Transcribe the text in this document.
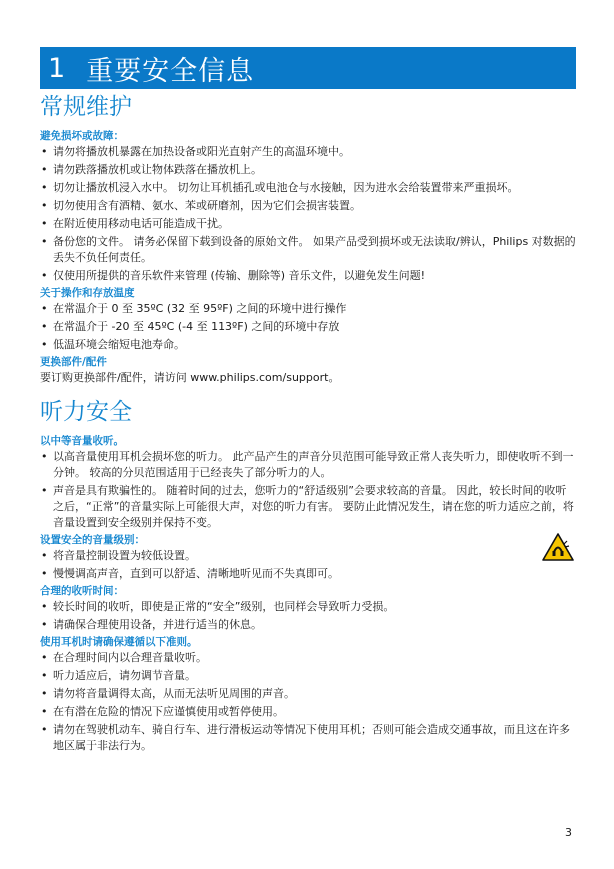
1 重要安全信息
常规维护
避免损坏或故障：
• 请勿将播放机暴露在加热设备或阳光直射产生的高温环境中。
• 请勿跌落播放机或让物体跌落在播放机上。
• 切勿让播放机浸入水中。 切勿让耳机插孔或电池仓与水接触，因为进水会给装置带来严重损坏。
• 切勿使用含有酒精、氨水、苯或研磨剂，因为它们会损害装置。
• 在附近使用移动电话可能造成干扰。
• 备份您的文件。 请务必保留下载到设备的原始文件。 如果产品受到损坏或无法读取/辨认，Philips 对数据的丢失不负任何责任。
• 仅使用所提供的音乐软件来管理 (传输、删除等) 音乐文件，以避免发生问题!
关于操作和存放温度
• 在常温介于 0 至 35ºC (32 至 95ºF) 之间的环境中进行操作
• 在常温介于 -20 至 45ºC (-4 至 113ºF) 之间的环境中存放
• 低温环境会缩短电池寿命。
更换部件/配件

要订购更换部件/配件，请访问 www.philips.com/support。

听力安全
以中等音量收听。
• 以高音量使用耳机会损坏您的听力。 此产品产生的声音分贝范围可能导致正常人丧失听力，即使收听不到一分钟。 较高的分贝范围适用于已经丧失了部分听力的人。
• 声音是具有欺骗性的。 随着时间的过去，您听力的“舒适级别”会要求较高的音量。 因此，较长时间的收听之后，“正常”的音量实际上可能很大声，对您的听力有害。 要防止此情况发生，请在您的听力适应之前，将音量设置到安全级别并保持不变。
设置安全的音量级别：
• 将音量控制设置为较低设置。
• 慢慢调高声音，直到可以舒适、清晰地听见而不失真即可。
合理的收听时间：
• 较长时间的收听，即使是正常的“安全”级别，也同样会导致听力受损。
• 请确保合理使用设备，并进行适当的休息。
使用耳机时请确保遵循以下准则。
• 在合理时间内以合理音量收听。
• 听力适应后，请勿调节音量。
• 请勿将音量调得太高，从而无法听见周围的声音。
• 在有潜在危险的情况下应谨慎使用或暂停使用。
• 请勿在驾驶机动车、骑自行车、进行滑板运动等情况下使用耳机；否则可能会造成交通事故，而且这在许多地区属于非法行为。
3
